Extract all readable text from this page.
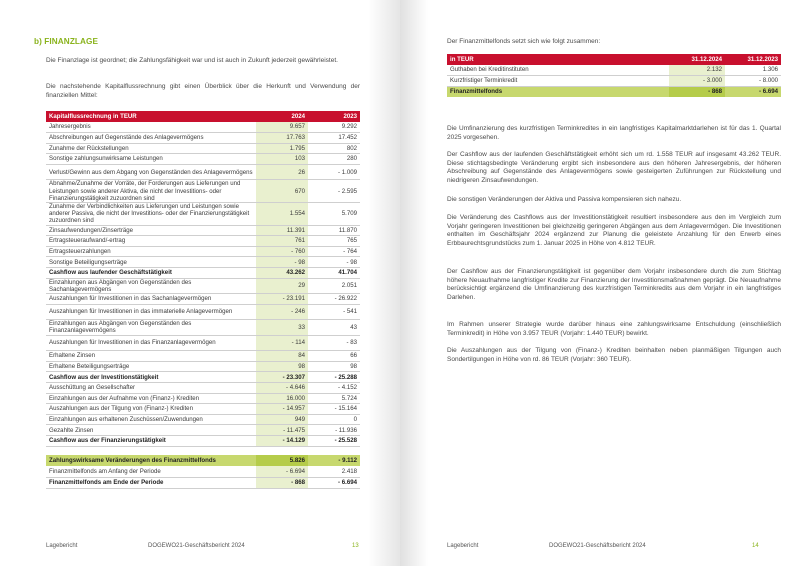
b) FINANZLAGE
Die Finanzlage ist geordnet; die Zahlungsfähigkeit war und ist auch in Zukunft jederzeit gewährleistet.
Die nachstehende Kapitalflussrechnung gibt einen Überblick über die Herkunft und Verwendung der finanziellen Mittel:
Kapitalflussrechnung in TEUR	2024	2023
Jahresergebnis	9.657	9.292
Abschreibungen auf Gegenstände des Anlagevermögens	17.763	17.452
Zunahme der Rückstellungen	1.795	802
Sonstige zahlungsunwirksame Leistungen	103	280
Verlust/Gewinn aus dem Abgang von Gegenständen des Anlagevermögens	26	- 1.009
Abnahme/Zunahme der Vorräte, der Forderungen aus Lieferungen und Leistungen sowie anderer Aktiva, die nicht der Investitions- oder Finanzierungstätigkeit zuzuordnen sind	670	- 2.595
Zunahme der Verbindlichkeiten aus Lieferungen und Leistungen sowie anderer Passiva, die nicht der Investitions- oder der Finanzierungstätigkeit zuzuordnen sind	1.554	5.709
Zinsaufwendungen/Zinserträge	11.391	11.870
Ertragsteueraufwand/-ertrag	761	765
Ertragsteuerzahlungen	- 760	- 764
Sonstige Beteiligungserträge	- 98	- 98
Cashflow aus laufender Geschäftstätigkeit	43.262	41.704
Einzahlungen aus Abgängen von Gegenständen des Sachanlagevermögens	29	2.051
Auszahlungen für Investitionen in das Sachanlagevermögen	- 23.191	- 26.922
Auszahlungen für Investitionen in das immaterielle Anlagevermögen	- 246	- 541
Einzahlungen aus Abgängen von Gegenständen des Finanzanlagevermögens	33	43
Auszahlungen für Investitionen in das Finanzanlagevermögen	- 114	- 83
Erhaltene Zinsen	84	66
Erhaltene Beteiligungserträge	98	98
Cashflow aus der Investitionstätigkeit	- 23.307	- 25.288
Ausschüttung an Gesellschafter	- 4.646	- 4.152
Einzahlungen aus der Aufnahme von (Finanz-) Krediten	16.000	5.724
Auszahlungen aus der Tilgung von (Finanz-) Krediten	- 14.957	- 15.164
Einzahlungen aus erhaltenen Zuschüssen/Zuwendungen	949	0
Gezahlte Zinsen	- 11.475	- 11.936
Cashflow aus der Finanzierungstätigkeit	- 14.129	- 25.528

Zahlungswirksame Veränderungen des Finanzmittelfonds	5.826	- 9.112
Finanzmittelfonds am Anfang der Periode	- 6.694	2.418
Finanzmittelfonds am Ende der Periode	- 868	- 6.694
Lagebericht	DOGEWO21-Geschäftsbericht 2024	13
Der Finanzmittelfonds setzt sich wie folgt zusammen:
in TEUR	31.12.2024	31.12.2023
Guthaben bei Kreditinstituten	2.132	1.306
Kurzfristiger Terminkredit	- 3.000	- 8.000
Finanzmittelfonds	- 868	- 6.694
Die Umfinanzierung des kurzfristigen Terminkredites in ein langfristiges Kapitalmarktdarlehen ist für das 1. Quartal 2025 vorgesehen.
Der Cashflow aus der laufenden Geschäftstätigkeit erhöht sich um rd. 1.558 TEUR auf insgesamt 43.262 TEUR. Diese stichtagsbedingte Veränderung ergibt sich insbesondere aus den höheren Jahresergebnis, der höheren Abschreibung auf Gegenstände des Anlagevermögens sowie gesteigerten Zuführungen zur Rückstellung und niedrigeren Zinsaufwendungen.
Die sonstigen Veränderungen der Aktiva und Passiva kompensieren sich nahezu.
Die Veränderung des Cashflows aus der Investitionstätigkeit resultiert insbesondere aus den im Vergleich zum Vorjahr geringeren Investitionen bei gleichzeitig geringeren Abgängen aus dem Anlagevermögen. Die Investitionen enthalten im Geschäftsjahr 2024 ergänzend zur Planung die geleistete Anzahlung für den Erwerb eines Erbbaurechtsgrundstücks zum 1. Januar 2025 in Höhe von 4.812 TEUR.
Der Cashflow aus der Finanzierungstätigkeit ist gegenüber dem Vorjahr insbesondere durch die zum Stichtag höhere Neuaufnahme langfristiger Kredite zur Finanzierung der Investitionsmaßnahmen geprägt. Die Neuaufnahme berücksichtigt ergänzend die Umfinanzierung des kurzfristigen Terminkredits aus dem Vorjahr in ein langfristiges Darlehen.
Im Rahmen unserer Strategie wurde darüber hinaus eine zahlungswirksame Entschuldung (einschließlich Terminkredit) in Höhe von 3.957 TEUR (Vorjahr: 1.440 TEUR) bewirkt.
Die Auszahlungen aus der Tilgung von (Finanz-) Krediten beinhalten neben planmäßigen Tilgungen auch Sondertilgungen in Höhe von rd. 86 TEUR (Vorjahr: 360 TEUR).
Lagebericht	DOGEWO21-Geschäftsbericht 2024	14
